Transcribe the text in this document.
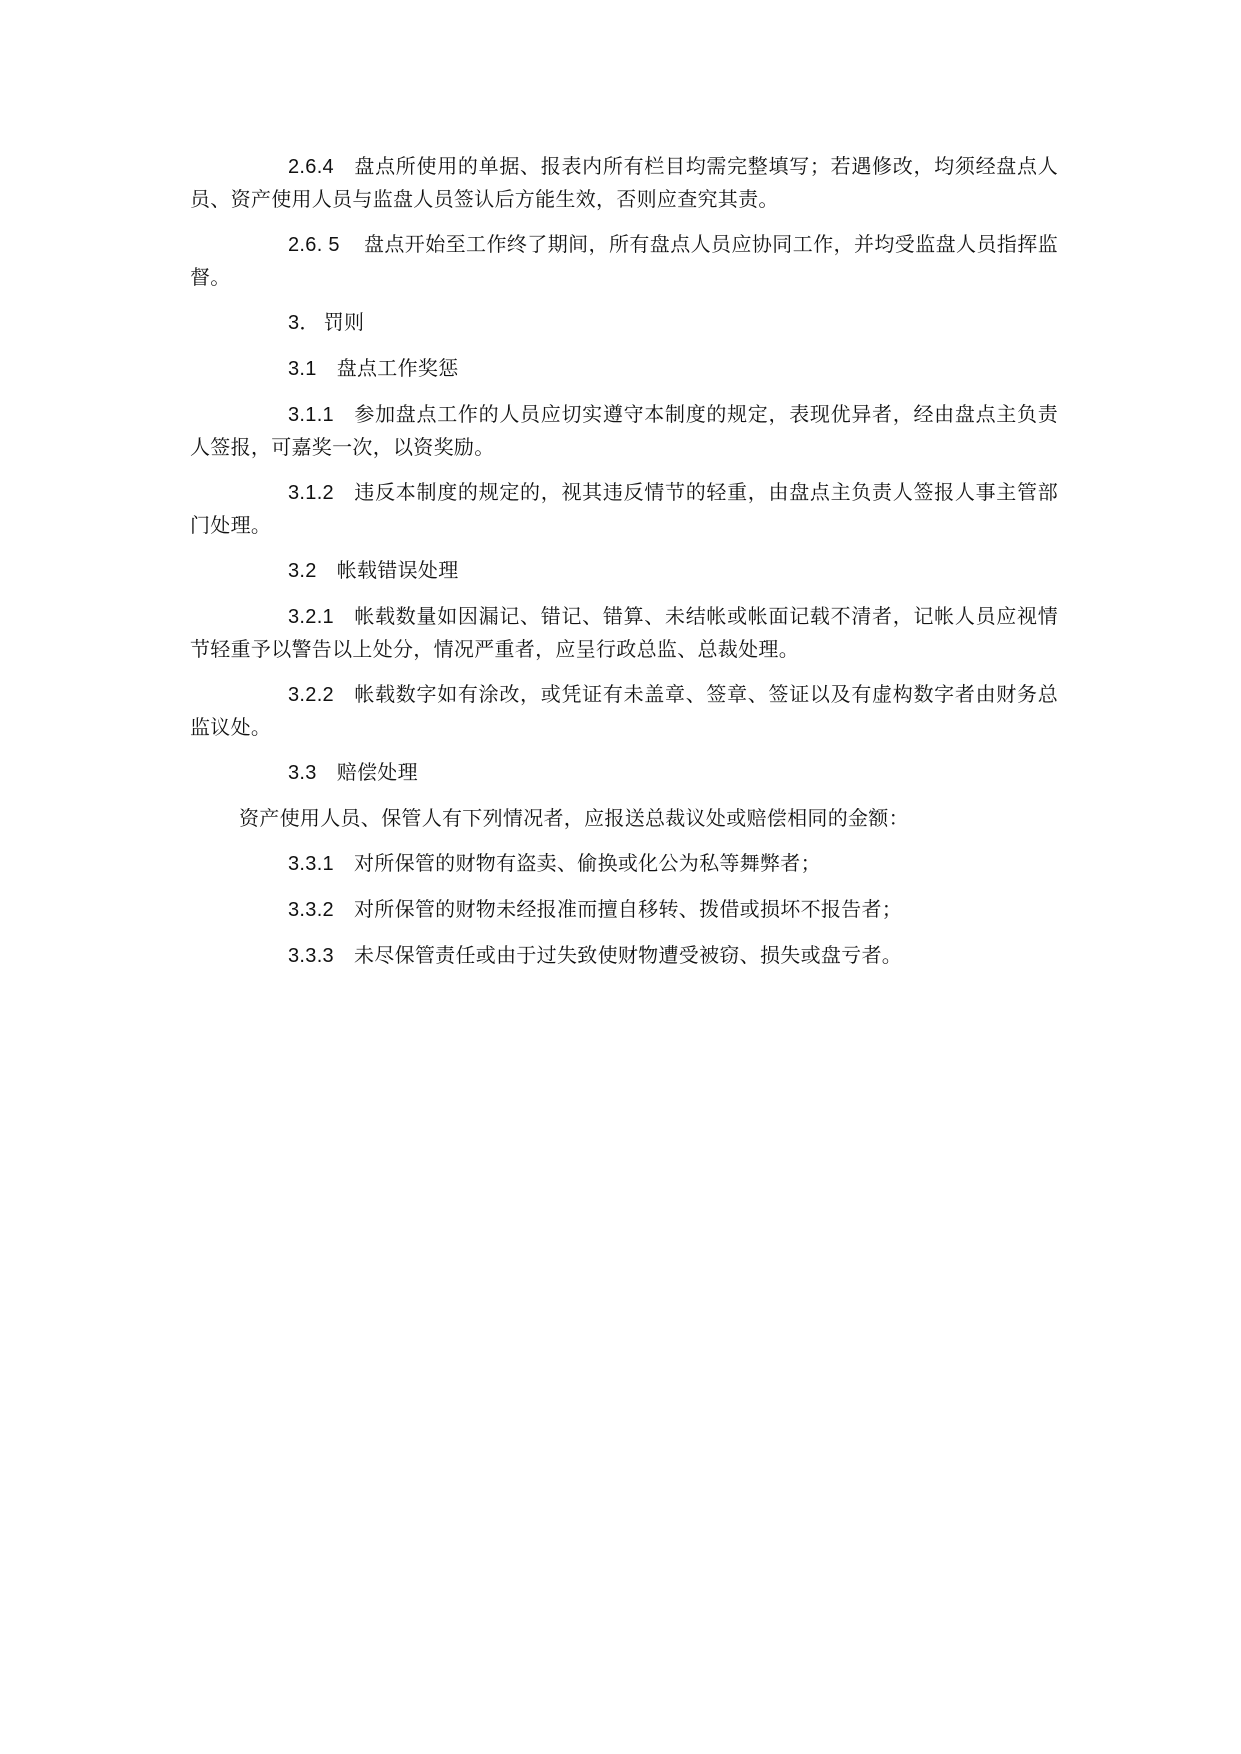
2.6.4 盘点所使用的单据、报表内所有栏目均需完整填写；若遇修改，均须经盘点人员、资产使用人员与监盘人员签认后方能生效，否则应查究其责。

2.6. 5 盘点开始至工作终了期间，所有盘点人员应协同工作，并均受监盘人员指挥监督。

3． 罚则

3.1 盘点工作奖惩

3.1.1 参加盘点工作的人员应切实遵守本制度的规定，表现优异者，经由盘点主负责人签报，可嘉奖一次，以资奖励。

3.1.2 违反本制度的规定的，视其违反情节的轻重，由盘点主负责人签报人事主管部门处理。

3.2 帐载错误处理

3.2.1 帐载数量如因漏记、错记、错算、未结帐或帐面记载不清者，记帐人员应视情节轻重予以警告以上处分，情况严重者，应呈行政总监、总裁处理。

3.2.2 帐载数字如有涂改，或凭证有未盖章、签章、签证以及有虚构数字者由财务总监议处。

3.3 赔偿处理

资产使用人员、保管人有下列情况者，应报送总裁议处或赔偿相同的金额：

3.3.1 对所保管的财物有盗卖、偷换或化公为私等舞弊者；

3.3.2 对所保管的财物未经报准而擅自移转、拨借或损坏不报告者；

3.3.3 未尽保管责任或由于过失致使财物遭受被窃、损失或盘亏者。
